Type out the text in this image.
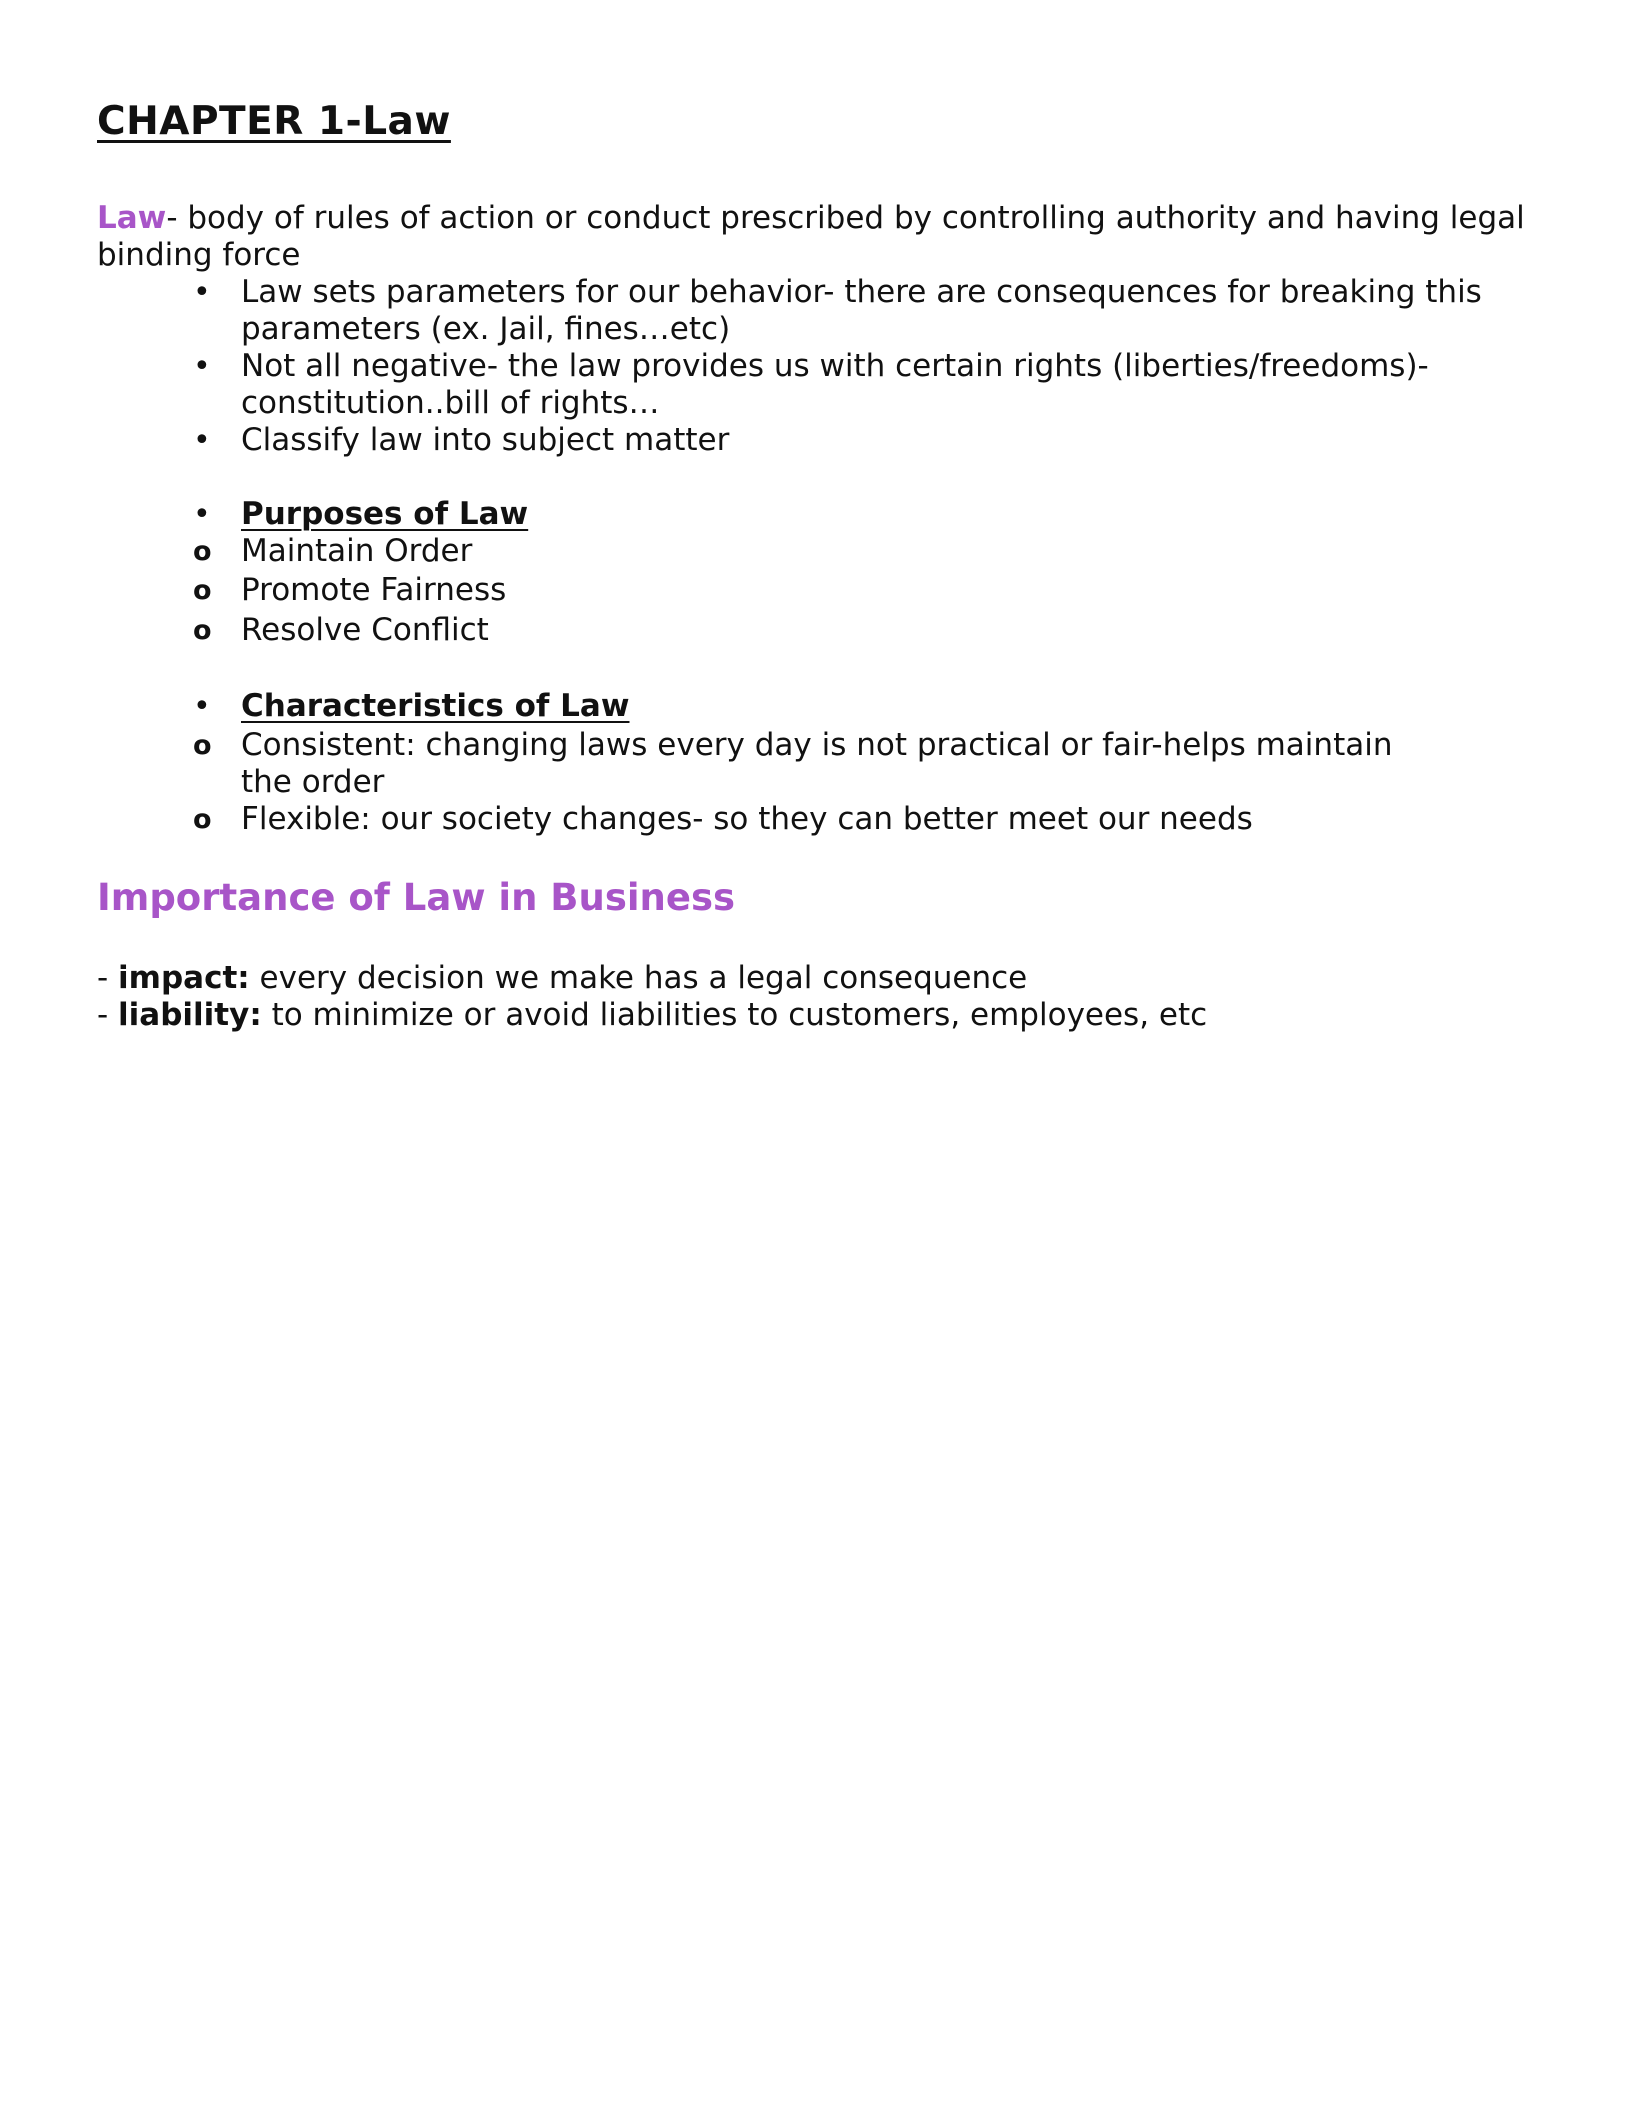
CHAPTER 1-Law
Law- body of rules of action or conduct prescribed by controlling authority and having legal binding force
• Law sets parameters for our behavior- there are consequences for breaking this parameters (ex. Jail, fines…etc)
• Not all negative- the law provides us with certain rights (liberties/freedoms)- constitution..bill of rights…
• Classify law into subject matter
• Purposes of Law
o Maintain Order
o Promote Fairness
o Resolve Conflict
• Characteristics of Law
o Consistent: changing laws every day is not practical or fair-helps maintain the order
o Flexible: our society changes- so they can better meet our needs
Importance of Law in Business
- impact: every decision we make has a legal consequence
- liability: to minimize or avoid liabilities to customers, employees, etc
